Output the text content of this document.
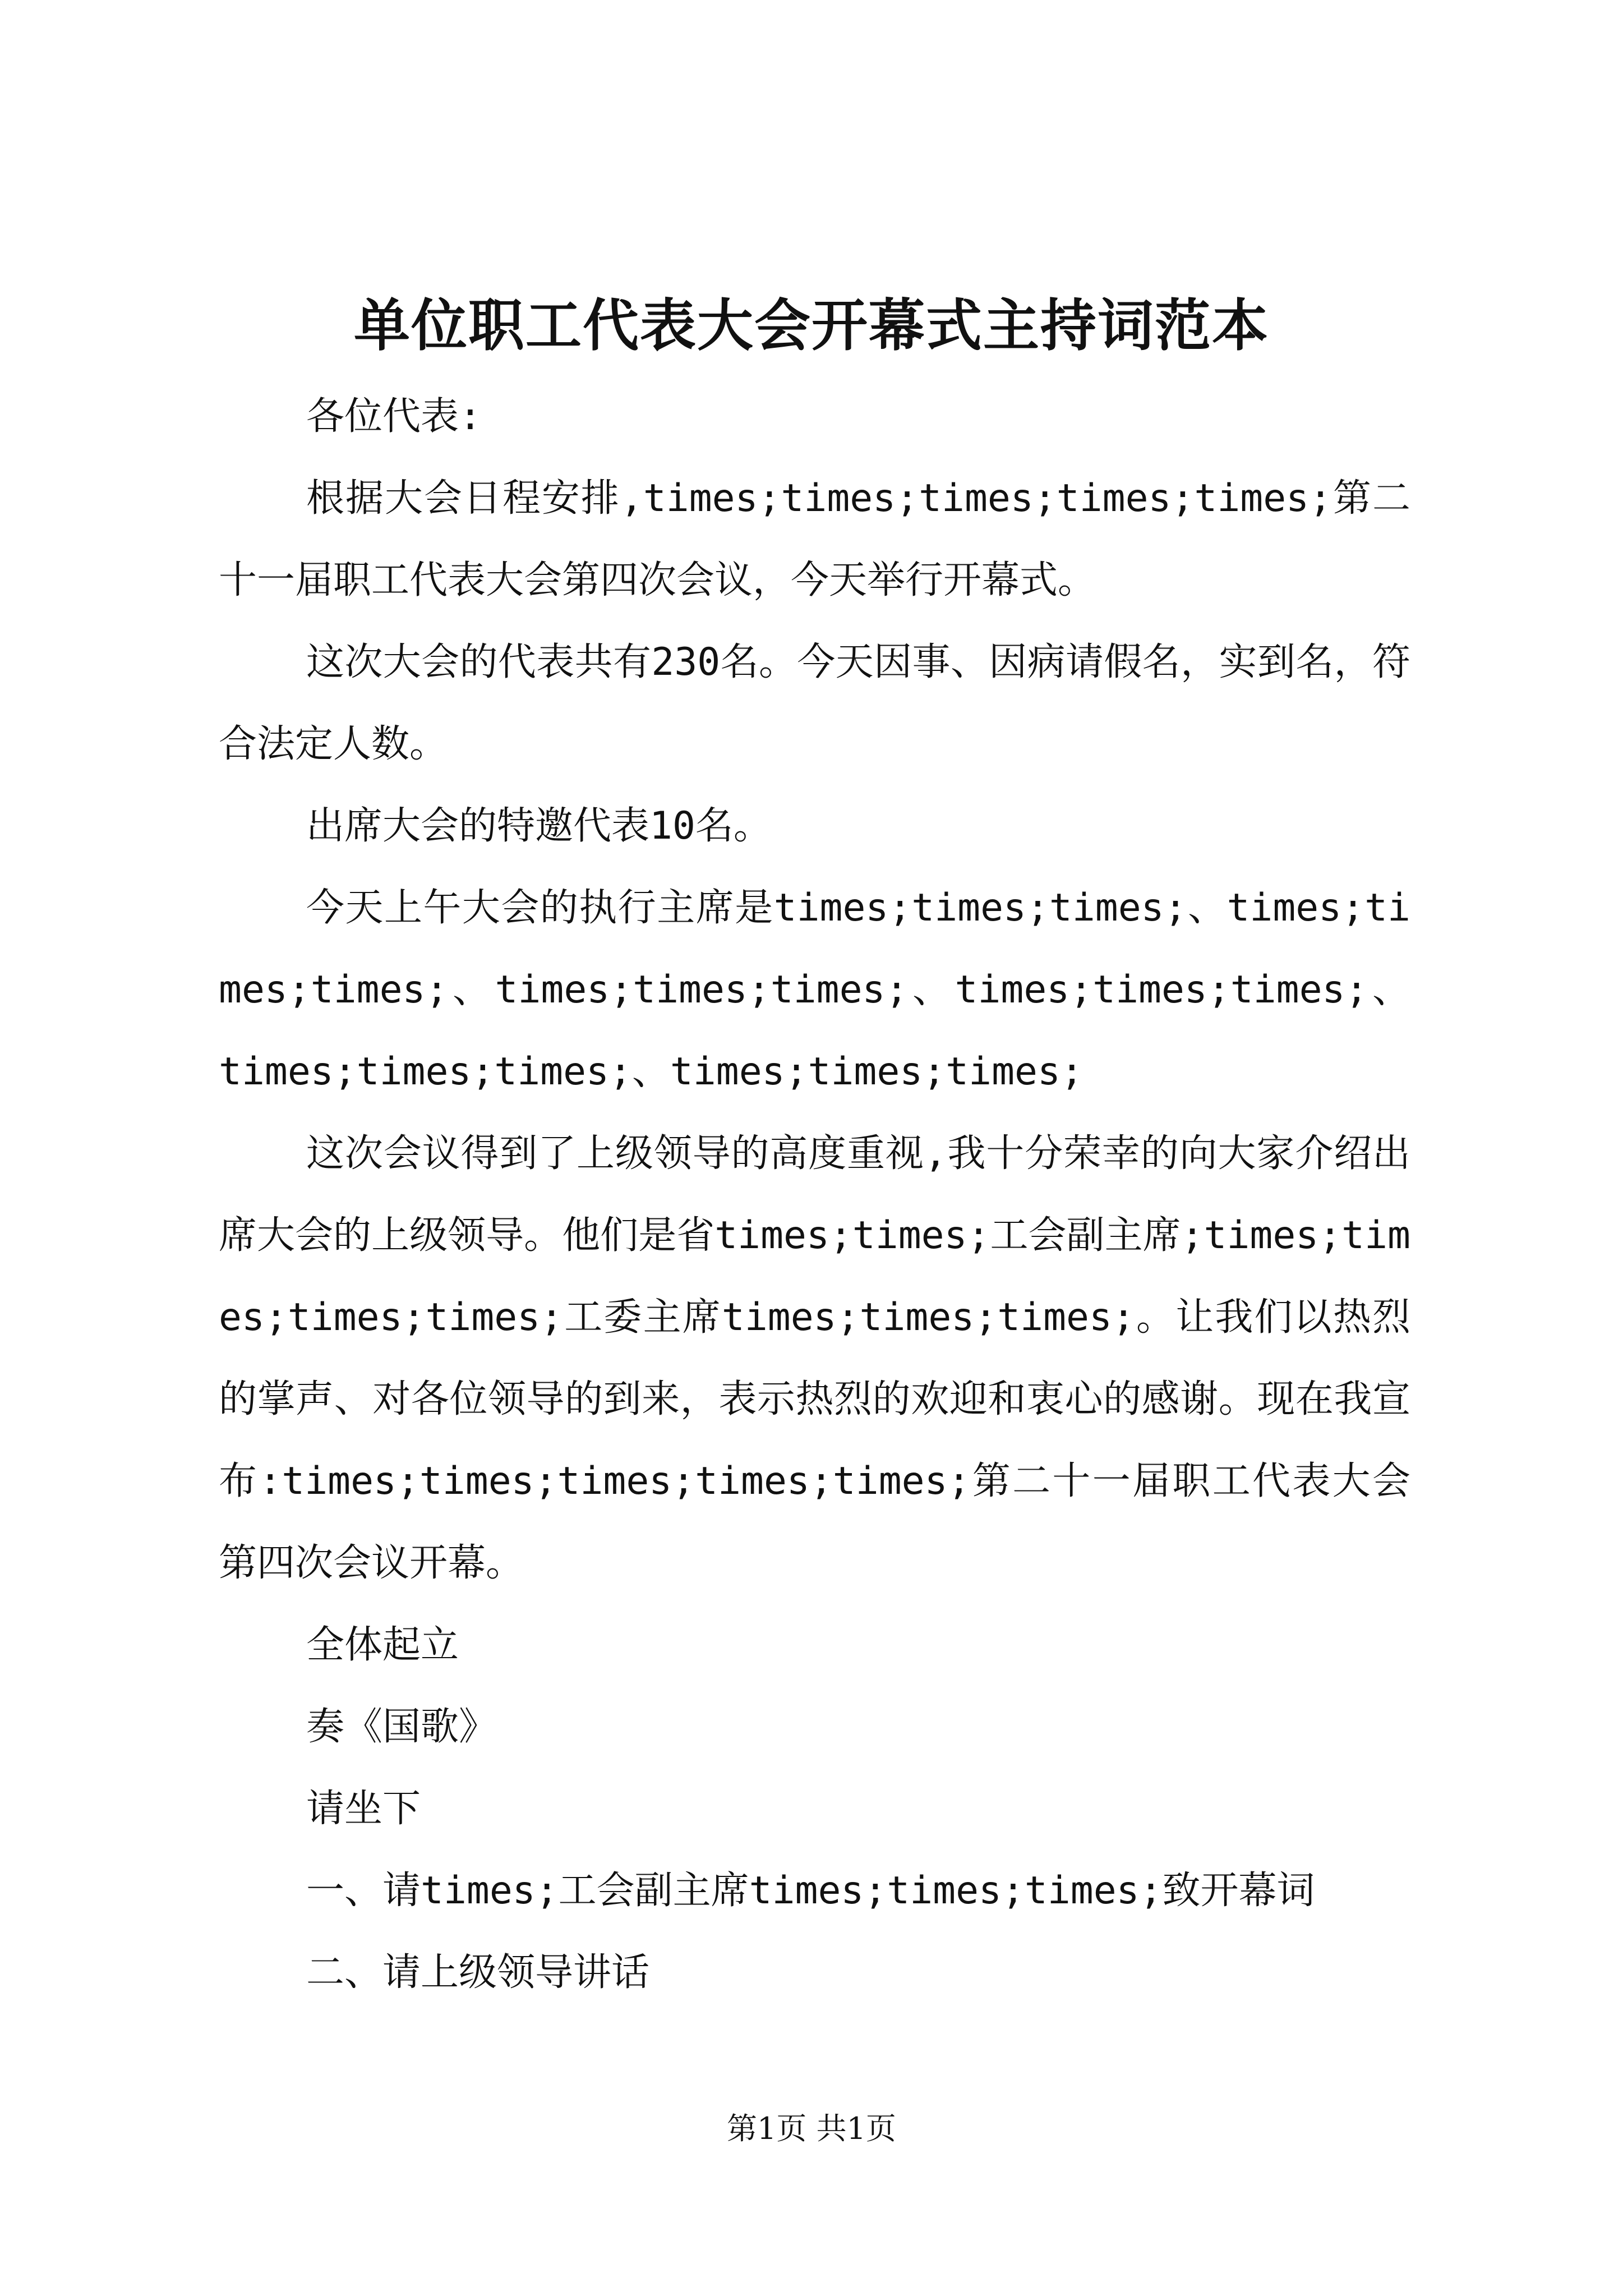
单位职工代表大会开幕式主持词范本

各位代表:

根据大会日程安排,times;times;times;times;times;第二十一届职工代表大会第四次会议，今天举行开幕式。

这次大会的代表共有230名。今天因事、因病请假名，实到名，符合法定人数。

出席大会的特邀代表10名。

今天上午大会的执行主席是times;times;times;、times;times;times;、times;times;times;、times;times;times;、times;times;times;、times;times;times;

这次会议得到了上级领导的高度重视,我十分荣幸的向大家介绍出席大会的上级领导。他们是省times;times;工会副主席;times;times;times;times;工委主席times;times;times;。让我们以热烈的掌声、对各位领导的到来，表示热烈的欢迎和衷心的感谢。现在我宣布:times;times;times;times;times;第二十一届职工代表大会第四次会议开幕。

全体起立

奏《国歌》

请坐下

一、请times;工会副主席times;times;times;致开幕词

二、请上级领导讲话

第1页 共1页
